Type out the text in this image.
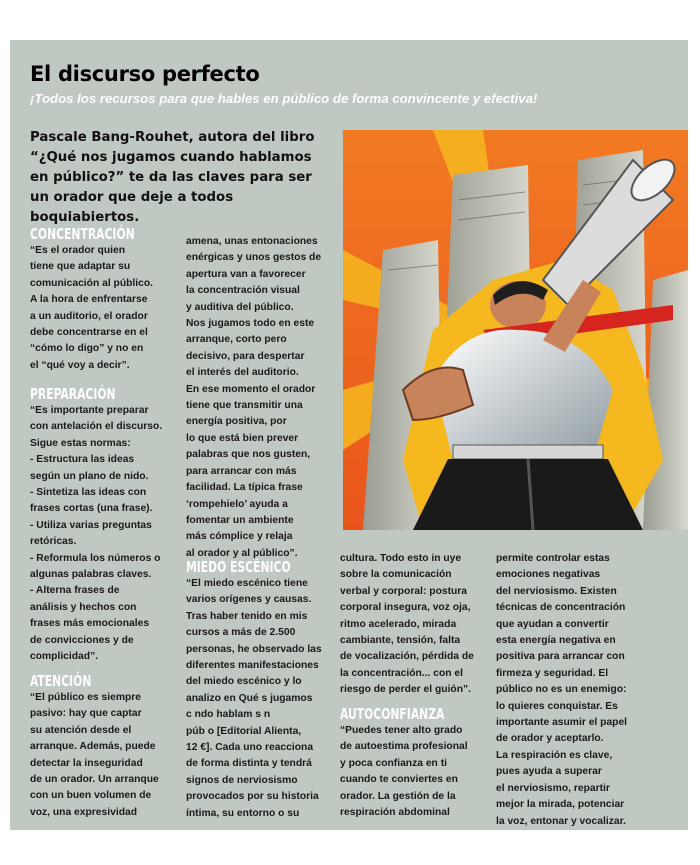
El discurso perfecto
¡Todos los recursos para que hables en público de forma convincente y efectiva!
Pascale Bang-Rouhet, autora del libro “¿Qué nos jugamos cuando hablamos en público?” te da las claves para ser un orador que deje a todos boquiabiertos.
CONCENTRACIÓN

“Es el orador quien
tiene que adaptar su
comunicación al público.
A la hora de enfrentarse
a un auditorio, el orador
debe concentrarse en el
“cómo lo digo” y no en
el “qué voy a decir”.

PREPARACIÓN

“Es importante preparar
con antelación el discurso.
Sigue estas normas:
- Estructura las ideas
según un plano de nido.
- Sintetiza las ideas con
frases cortas (una frase).
- Utiliza varias preguntas
retóricas.
- Reformula los números o
algunas palabras claves.
- Alterna frases de
análisis y hechos con
frases más emocionales
de convicciones y de
complicidad”.

ATENCIÓN

“El público es siempre
pasivo: hay que captar
su atención desde el
arranque. Además, puede
detectar la inseguridad
de un orador. Un arranque
con un buen volumen de
voz, una expresividad

amena, unas entonaciones
enérgicas y unos gestos de
apertura van a favorecer
la concentración visual
y auditiva del público.
Nos jugamos todo en este
arranque, corto pero
decisivo, para despertar
el interés del auditorio.
En ese momento el orador
tiene que transmitir una
energía positiva, por
lo que está bien prever
palabras que nos gusten,
para arrancar con más
facilidad. La típica frase
‘rompehielo’ ayuda a
fomentar un ambiente
más cómplice y relaja
al orador y al público”.

MIEDO ESCÉNICO

“El miedo escénico tiene
varios orígenes y causas.
Tras haber tenido en mis
cursos a más de 2.500
personas, he observado las
diferentes manifestaciones
del miedo escénico y lo
analizo en Qué s jugamos
c ndo hablam s n
púb o [Editorial Alienta,
12 €]. Cada uno reacciona
de forma distinta y tendrá
signos de nerviosismo
provocados por su historia
íntima, su entorno o su

cultura. Todo esto in uye
sobre la comunicación
verbal y corporal: postura
corporal insegura, voz oja,
ritmo acelerado, mirada
cambiante, tensión, falta
de vocalización, pérdida de
la concentración... con el
riesgo de perder el guión”.

AUTOCONFIANZA

“Puedes tener alto grado
de autoestima profesional
y poca confianza en ti
cuando te conviertes en
orador. La gestión de la
respiración abdominal

permite controlar estas
emociones negativas
del nerviosismo. Existen
técnicas de concentración
que ayudan a convertir
esta energía negativa en
positiva para arrancar con
firmeza y seguridad. El
público no es un enemigo:
lo quieres conquistar. Es
importante asumir el papel
de orador y aceptarlo.
La respiración es clave,
pues ayuda a superar
el nerviosismo, repartir
mejor la mirada, potenciar
la voz, entonar y vocalizar.
